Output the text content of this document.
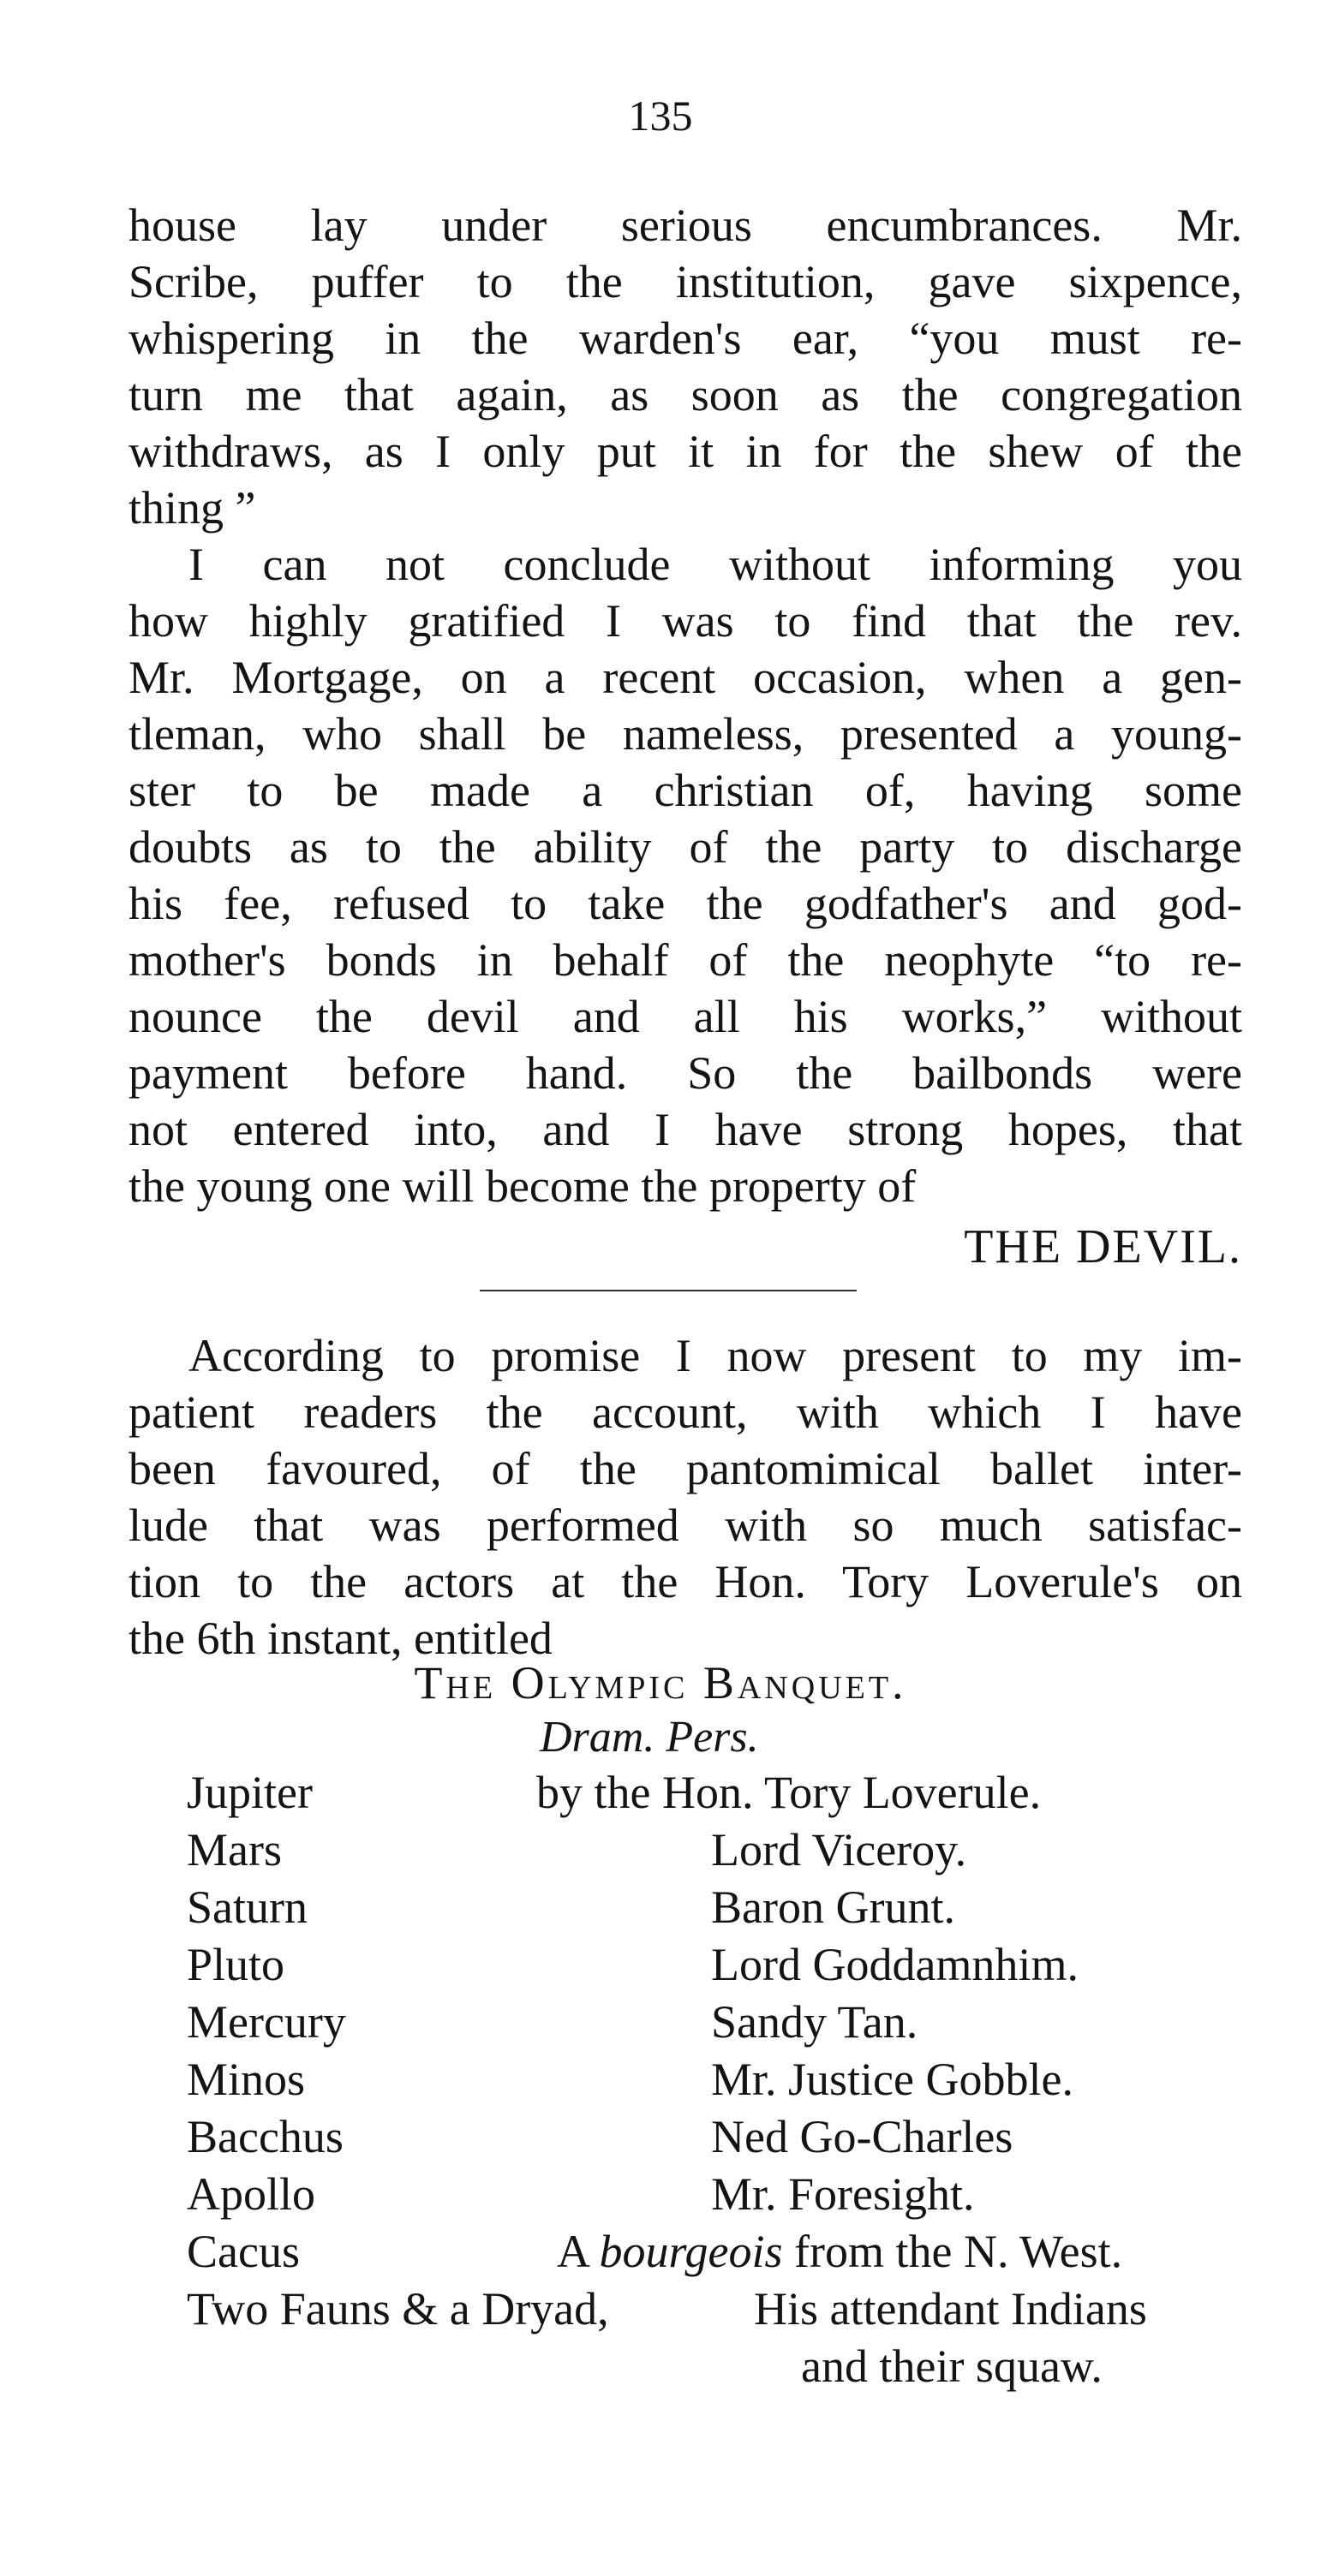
135
house lay under serious encumbrances. Mr.
Scribe, puffer to the institution, gave sixpence,
whispering in the warden's ear, “you must re-
turn me that again, as soon as the congregation
withdraws, as I only put it in for the shew of the
thing ”
I can not conclude without informing you
how highly gratified I was to find that the rev.
Mr. Mortgage, on a recent occasion, when a gen-
tleman, who shall be nameless, presented a young-
ster to be made a christian of, having some
doubts as to the ability of the party to discharge
his fee, refused to take the godfather's and god-
mother's bonds in behalf of the neophyte “to re-
nounce the devil and all his works,” without
payment before hand. So the bailbonds were
not entered into, and I have strong hopes, that
the young one will become the property of
THE DEVIL.
According to promise I now present to my im-
patient readers the account, with which I have
been favoured, of the pantomimical ballet inter-
lude that was performed with so much satisfac-
tion to the actors at the Hon. Tory Loverule's on
the 6th instant, entitled
The Olympic Banquet.
Dram. Pers.
Jupiter	by the Hon. Tory Loverule.
Mars	Lord Viceroy.
Saturn	Baron Grunt.
Pluto	Lord Goddamnhim.
Mercury	Sandy Tan.
Minos	Mr. Justice Gobble.
Bacchus	Ned Go-Charles
Apollo	Mr. Foresight.
Cacus	A bourgeois from the N. West.
Two Fauns & a Dryad,	His attendant Indians
and their squaw.
